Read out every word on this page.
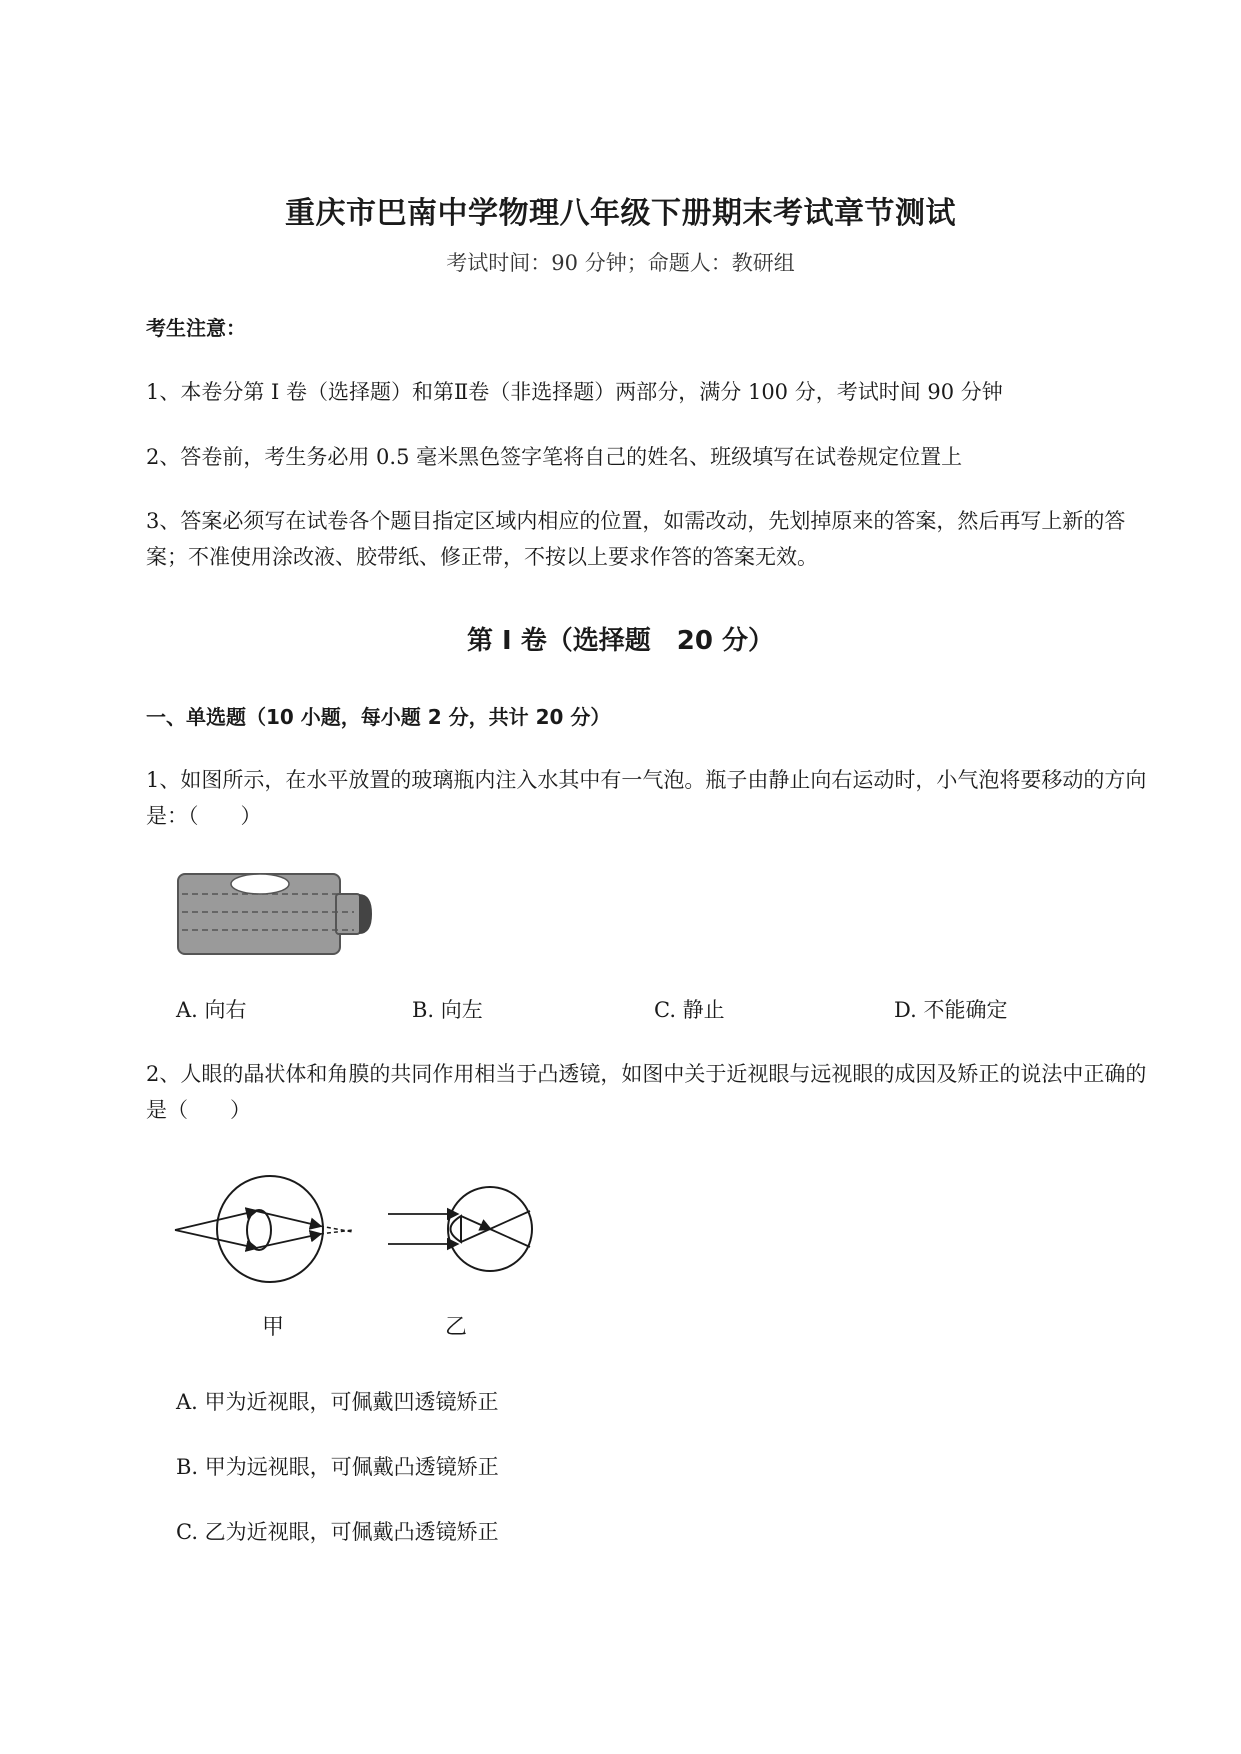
重庆市巴南中学物理八年级下册期末考试章节测试
考试时间：90 分钟；命题人：教研组
考生注意：
1、本卷分第 I 卷（选择题）和第Ⅱ卷（非选择题）两部分，满分 100 分，考试时间 90 分钟
2、答卷前，考生务必用 0.5 毫米黑色签字笔将自己的姓名、班级填写在试卷规定位置上
3、答案必须写在试卷各个题目指定区域内相应的位置，如需改动，先划掉原来的答案，然后再写上新的答案；不准使用涂改液、胶带纸、修正带，不按以上要求作答的答案无效。
第 I 卷（选择题　20 分）
一、单选题（10 小题，每小题 2 分，共计 20 分）
1、如图所示，在水平放置的玻璃瓶内注入水其中有一气泡。瓶子由静止向右运动时，小气泡将要移动的方向是：（　　）
A. 向右	B. 向左	C. 静止	D. 不能确定
2、人眼的晶状体和角膜的共同作用相当于凸透镜，如图中关于近视眼与远视眼的成因及矫正的说法中正确的是（　　）
甲	乙
A. 甲为近视眼，可佩戴凹透镜矫正
B. 甲为远视眼，可佩戴凸透镜矫正
C. 乙为近视眼，可佩戴凸透镜矫正
